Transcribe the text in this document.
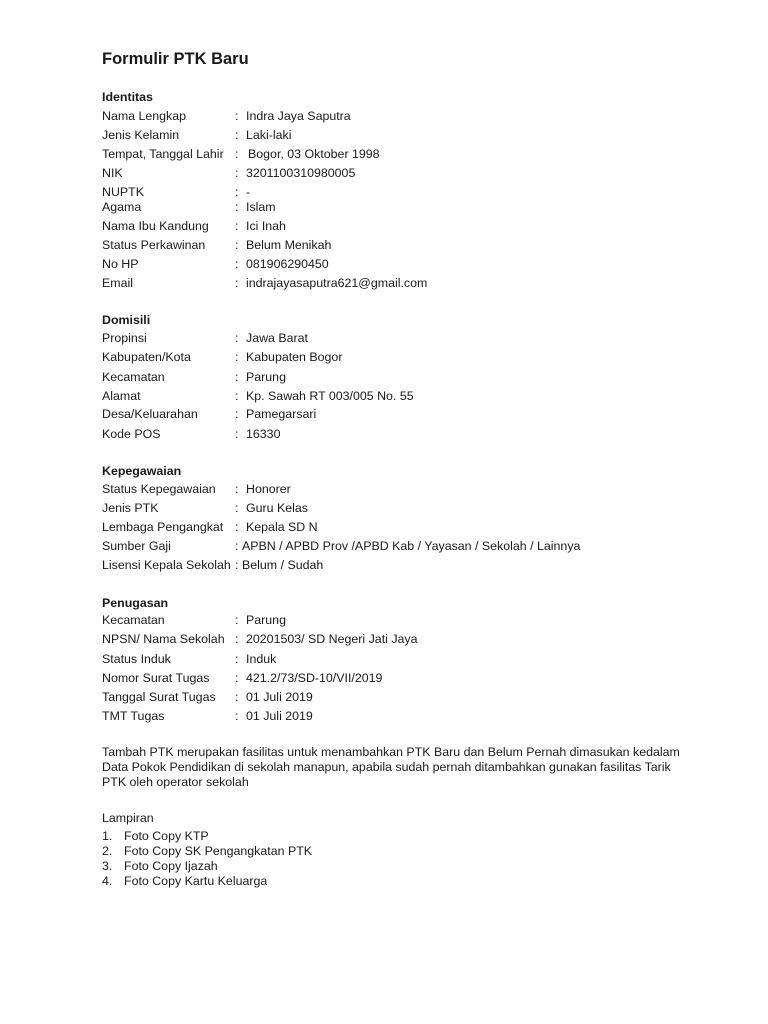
Formulir PTK Baru
Identitas
Nama Lengkap	: Indra Jaya Saputra
Jenis Kelamin	: Laki-laki
Tempat, Tanggal Lahir : Bogor, 03 Oktober 1998
NIK	: 3201100310980005
NUPTK	: -
Agama	: Islam
Nama Ibu Kandung : Ici Inah
Status Perkawinan : Belum Menikah
No HP	: 081906290450
Email	: indrajayasaputra621@gmail.com
Domisili
Propinsi	: Jawa Barat
Kabupaten/Kota	: Kabupaten Bogor
Kecamatan	: Parung
Alamat	: Kp. Sawah RT 003/005 No. 55
Desa/Keluarahan	: Pamegarsari
Kode POS	: 16330
Kepegawaian
Status Kepegawaian : Honorer
Jenis PTK	: Guru Kelas
Lembaga Pengangkat : Kepala SD N
Sumber Gaji	: APBN / APBD Prov /APBD Kab / Yayasan / Sekolah / Lainnya
Lisensi Kepala Sekolah : Belum / Sudah
Penugasan
Kecamatan	: Parung
NPSN/ Nama Sekolah : 20201503/ SD Negeri Jati Jaya
Status Induk	: Induk
Nomor Surat Tugas : 421.2/73/SD-10/VII/2019
Tanggal Surat Tugas : 01 Juli 2019
TMT Tugas	: 01 Juli 2019

Tambah PTK merupakan fasilitas untuk menambahkan PTK Baru dan Belum Pernah dimasukan kedalam Data Pokok Pendidikan di sekolah manapun, apabila sudah pernah ditambahkan gunakan fasilitas Tarik PTK oleh operator sekolah

Lampiran

1. Foto Copy KTP
2. Foto Copy SK Pengangkatan PTK
3. Foto Copy Ijazah
4. Foto Copy Kartu Keluarga
